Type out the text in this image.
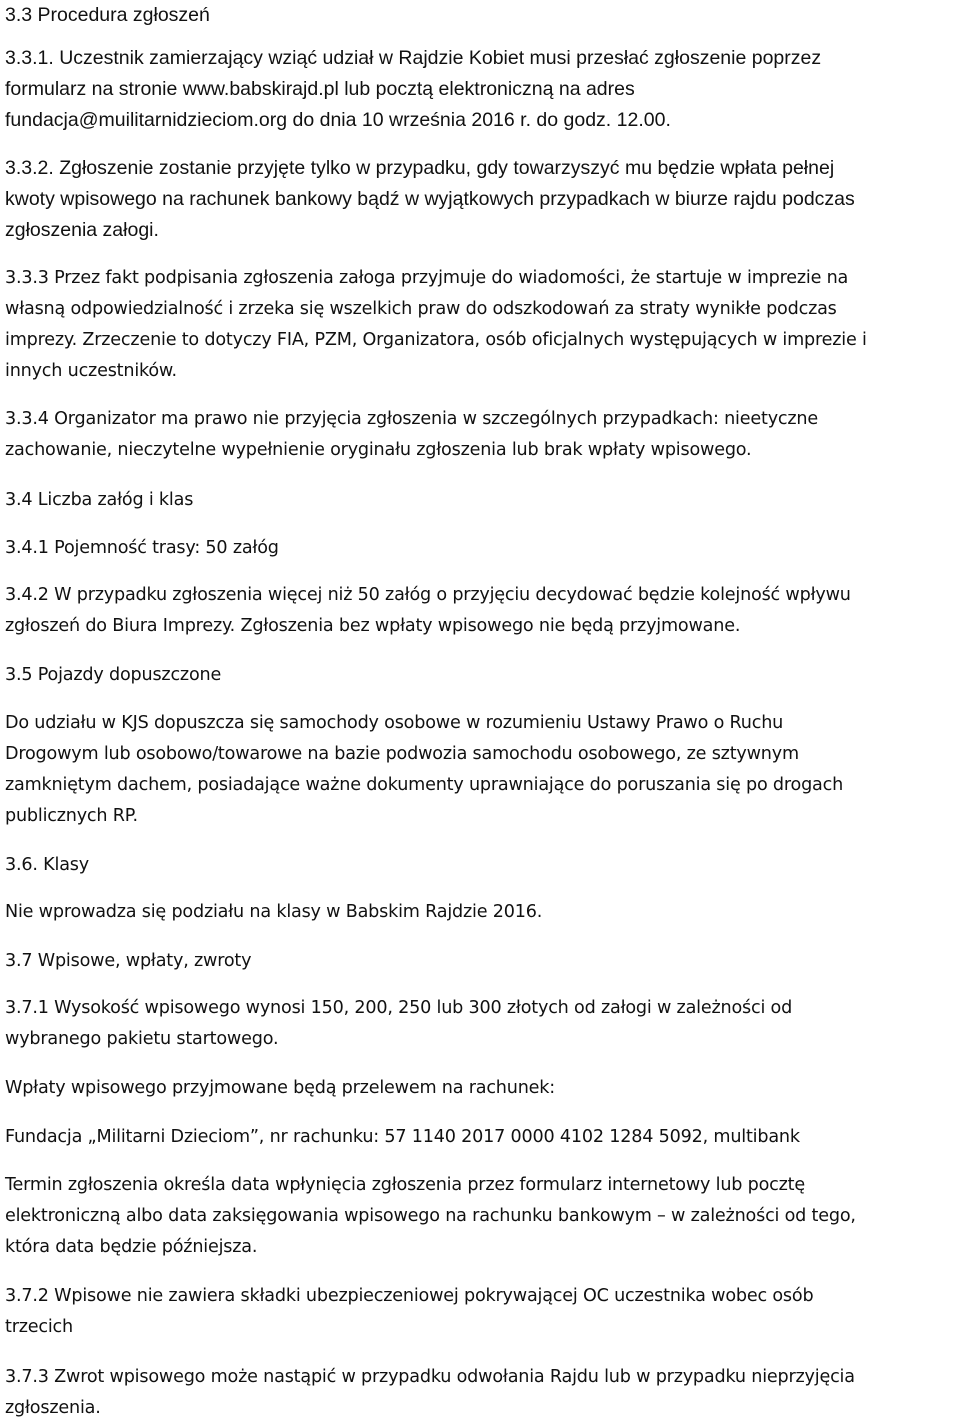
3.3 Procedura zgłoszeń
3.3.1. Uczestnik zamierzający wziąć udział w Rajdzie Kobiet musi przesłać zgłoszenie poprzez
formularz na stronie www.babskirajd.pl lub pocztą elektroniczną na adres
fundacja@muilitarnidzieciom.org do dnia 10 września 2016 r. do godz. 12.00.
3.3.2. Zgłoszenie zostanie przyjęte tylko w przypadku, gdy towarzyszyć mu będzie wpłata pełnej
kwoty wpisowego na rachunek bankowy bądź w wyjątkowych przypadkach w biurze rajdu podczas
zgłoszenia załogi.
3.3.3 Przez fakt podpisania zgłoszenia załoga przyjmuje do wiadomości, że startuje w imprezie na
własną odpowiedzialność i zrzeka się wszelkich praw do odszkodowań za straty wynikłe podczas
imprezy. Zrzeczenie to dotyczy FIA, PZM, Organizatora, osób oficjalnych występujących w imprezie i
innych uczestników.
3.3.4 Organizator ma prawo nie przyjęcia zgłoszenia w szczególnych przypadkach: nieetyczne
zachowanie, nieczytelne wypełnienie oryginału zgłoszenia lub brak wpłaty wpisowego.
3.4 Liczba załóg i klas
3.4.1 Pojemność trasy: 50 załóg
3.4.2 W przypadku zgłoszenia więcej niż 50 załóg o przyjęciu decydować będzie kolejność wpływu
zgłoszeń do Biura Imprezy. Zgłoszenia bez wpłaty wpisowego nie będą przyjmowane.
3.5 Pojazdy dopuszczone
Do udziału w KJS dopuszcza się samochody osobowe w rozumieniu Ustawy Prawo o Ruchu
Drogowym lub osobowo/towarowe na bazie podwozia samochodu osobowego, ze sztywnym
zamkniętym dachem, posiadające ważne dokumenty uprawniające do poruszania się po drogach
publicznych RP.
3.6. Klasy
Nie wprowadza się podziału na klasy w Babskim Rajdzie 2016.
3.7 Wpisowe, wpłaty, zwroty
3.7.1 Wysokość wpisowego wynosi 150, 200, 250 lub 300 złotych od załogi w zależności od
wybranego pakietu startowego.
Wpłaty wpisowego przyjmowane będą przelewem na rachunek:
Fundacja „Militarni Dzieciom”, nr rachunku: 57 1140 2017 0000 4102 1284 5092, multibank
Termin zgłoszenia określa data wpłynięcia zgłoszenia przez formularz internetowy lub pocztę
elektroniczną albo data zaksięgowania wpisowego na rachunku bankowym – w zależności od tego,
która data będzie późniejsza.
3.7.2 Wpisowe nie zawiera składki ubezpieczeniowej pokrywającej OC uczestnika wobec osób
trzecich
3.7.3 Zwrot wpisowego może nastąpić w przypadku odwołania Rajdu lub w przypadku nieprzyjęcia
zgłoszenia.
